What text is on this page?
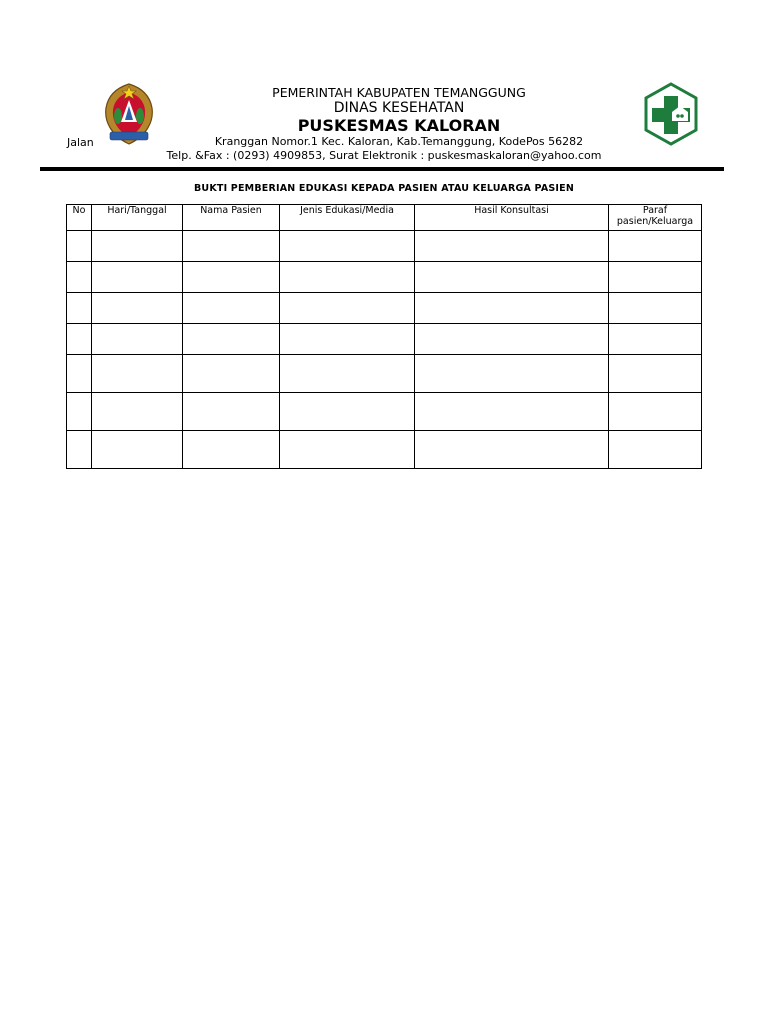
PEMERINTAH KABUPATEN TEMANGGUNG
DINAS KESEHATAN
PUSKESMAS KALORAN
Jalan	Kranggan Nomor.1 Kec. Kaloran, Kab.Temanggung, KodePos 56282
Telp. &Fax : (0293) 4909853, Surat Elektronik : puskesmaskaloran@yahoo.com
BUKTI PEMBERIAN EDUKASI KEPADA PASIEN ATAU KELUARGA PASIEN
No	Hari/Tanggal	Nama Pasien	Jenis Edukasi/Media	Hasil Konsultasi	Paraf pasien/Keluarga
